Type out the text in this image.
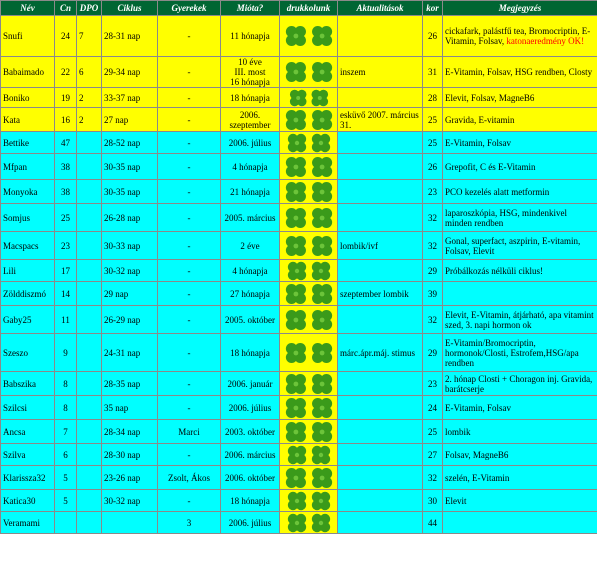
Név	Cn	DPO	Ciklus	Gyerekek	Mióta?	drukkolunk	Aktualitások	kor	Megjegyzés
Snufi	24	7	28-31 nap	-	11 hónapja			26	cickafark, palástfű tea, Bromocriptin, E-Vitamin, Folsav, katonaeredmény OK!
Babaimado	22	6	29-34 nap	-	10 éve
III. most
16 hónapja		inszem	31	E-Vitamin, Folsav, HSG rendben, Closty
Boniko	19	2	33-37 nap	-	18 hónapja			28	Elevit, Folsav, MagneB6
Kata	16	2	27 nap	-	2006. szeptember		esküvő 2007. március 31.	25	Gravida, E-vitamin
Bettike	47		28-52 nap	-	2006. július			25	E-Vitamin, Folsav
Mfpan	38		30-35 nap	-	4 hónapja			26	Grepofit, C és E-Vitamin
Monyoka	38		30-35 nap	-	21 hónapja			23	PCO kezelés alatt metformin
Somjus	25		26-28 nap	-	2005. március			32	laparoszkópia, HSG, mindenkivel minden rendben
Macspacs	23		30-33 nap	-	2 éve		lombik/ivf	32	Gonal, superfact, aszpirin, E-vitamin, Folsav, Elevit
Lili	17		30-32 nap	-	4 hónapja			29	Próbálkozás nélküli ciklus!
Zölddiszmó	14		29 nap	-	27 hónapja		szeptember lombik	39	
Gaby25	11		26-29 nap	-	2005. október			32	Elevit, E-Vitamin, átjárható, apa vitamint szed, 3. napi hormon ok
Szeszo	9		24-31 nap	-	18 hónapja		márc.ápr.máj. stimus	29	E-Vitamin/Bromocriptin, hormonok/Closti, Estrofem,HSG/apa rendben
Babszika	8		28-35 nap	-	2006. január			23	2. hónap Closti + Choragon inj. Gravida, barátcserje
Szilcsi	8		35 nap	-	2006. július			24	E-Vitamin, Folsav
Ancsa	7		28-34 nap	Marci	2003. október			25	lombik
Szilva	6		28-30 nap	-	2006. március			27	Folsav, MagneB6
Klarissza32	5		23-26 nap	Zsolt, Ákos	2006. október			32	szelén, E-Vitamin
Katica30	5		30-32 nap	-	18 hónapja			30	Elevit
Veramami				3	2006. július			44	
